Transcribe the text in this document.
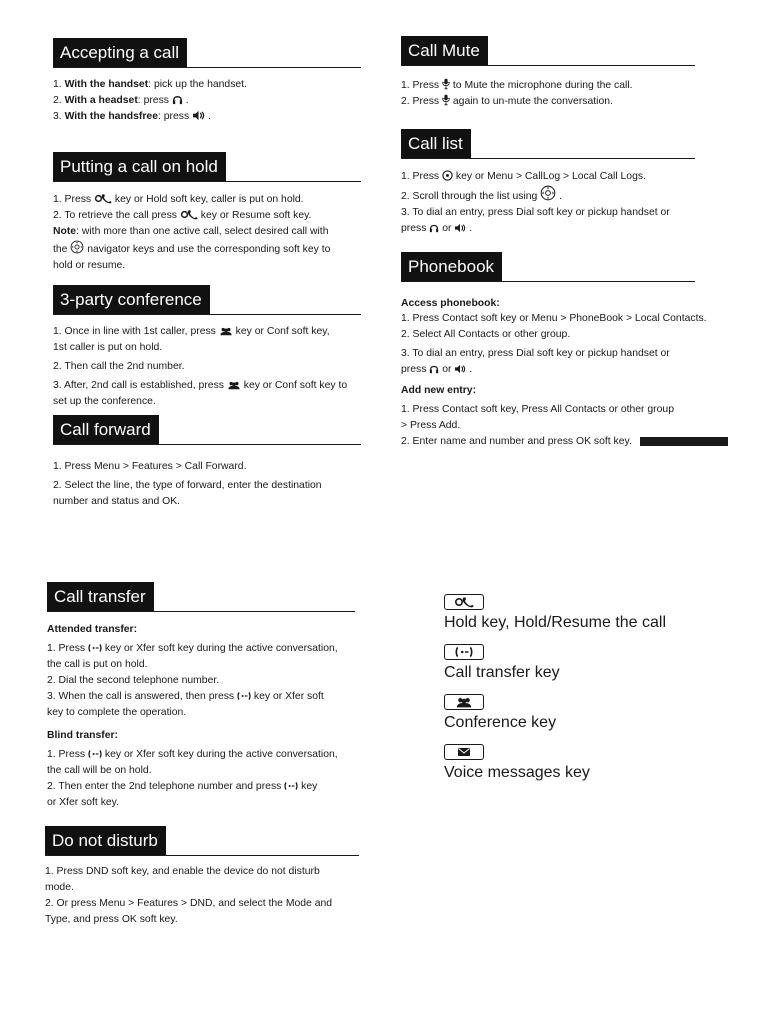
Accepting a call

1. With the handset: pick up the handset.

2. With a headset: press
.

3. With the handsfree: press
.

Putting a call on hold

1. Press key or Hold soft key, caller is put on hold.

2. To retrieve the call press key or Resume soft key.

Note: with more than one active call, select desired call with

the navigator keys and use the corresponding soft key to

hold or resume.

3-party conference

1. Once in line with 1st caller, press key or Conf soft key,

1st caller is put on hold.

2. Then call the 2nd number.

3. After, 2nd call is established, press key or Conf soft key to

set up the conference.

Call forward

1. Press Menu > Features > Call Forward.

2. Select the line, the type of forward, enter the destination

number and status and OK.

Call transfer
Attended transfer:

1. Press key or Xfer soft key during the active conversation,

the call is put on hold.

2. Dial the second telephone number.

3. When the call is answered, then press key or Xfer soft

key to complete the operation.

Blind transfer:

1. Press key or Xfer soft key during the active conversation,

the call will be on hold.

2. Then enter the 2nd telephone number and press key

or Xfer soft key.

Do not disturb

1. Press DND soft key, and enable the device do not disturb

mode.

2. Or press Menu > Features > DND, and select the Mode and

Type, and press OK soft key.

Call Mute

1. Press to Mute the microphone during the call.

2. Press again to un-mute the conversation.

Call list

1. Press key or Menu > CallLog > Local Call Logs.

2. Scroll through the list using
.

3. To dial an entry, press Dial soft key or pickup handset or

press or
.

Phonebook
Access phonebook:

1. Press Contact soft key or Menu > PhoneBook > Local Contacts.

2. Select All Contacts or other group.

3. To dial an entry, press Dial soft key or pickup handset or

press or
.

Add new entry:

1. Press Contact soft key, Press All Contacts or other group

> Press Add.

2. Enter name and number and press OK soft key.

Hold key, Hold/Resume the call
Call transfer key
Conference key
Voice messages key
